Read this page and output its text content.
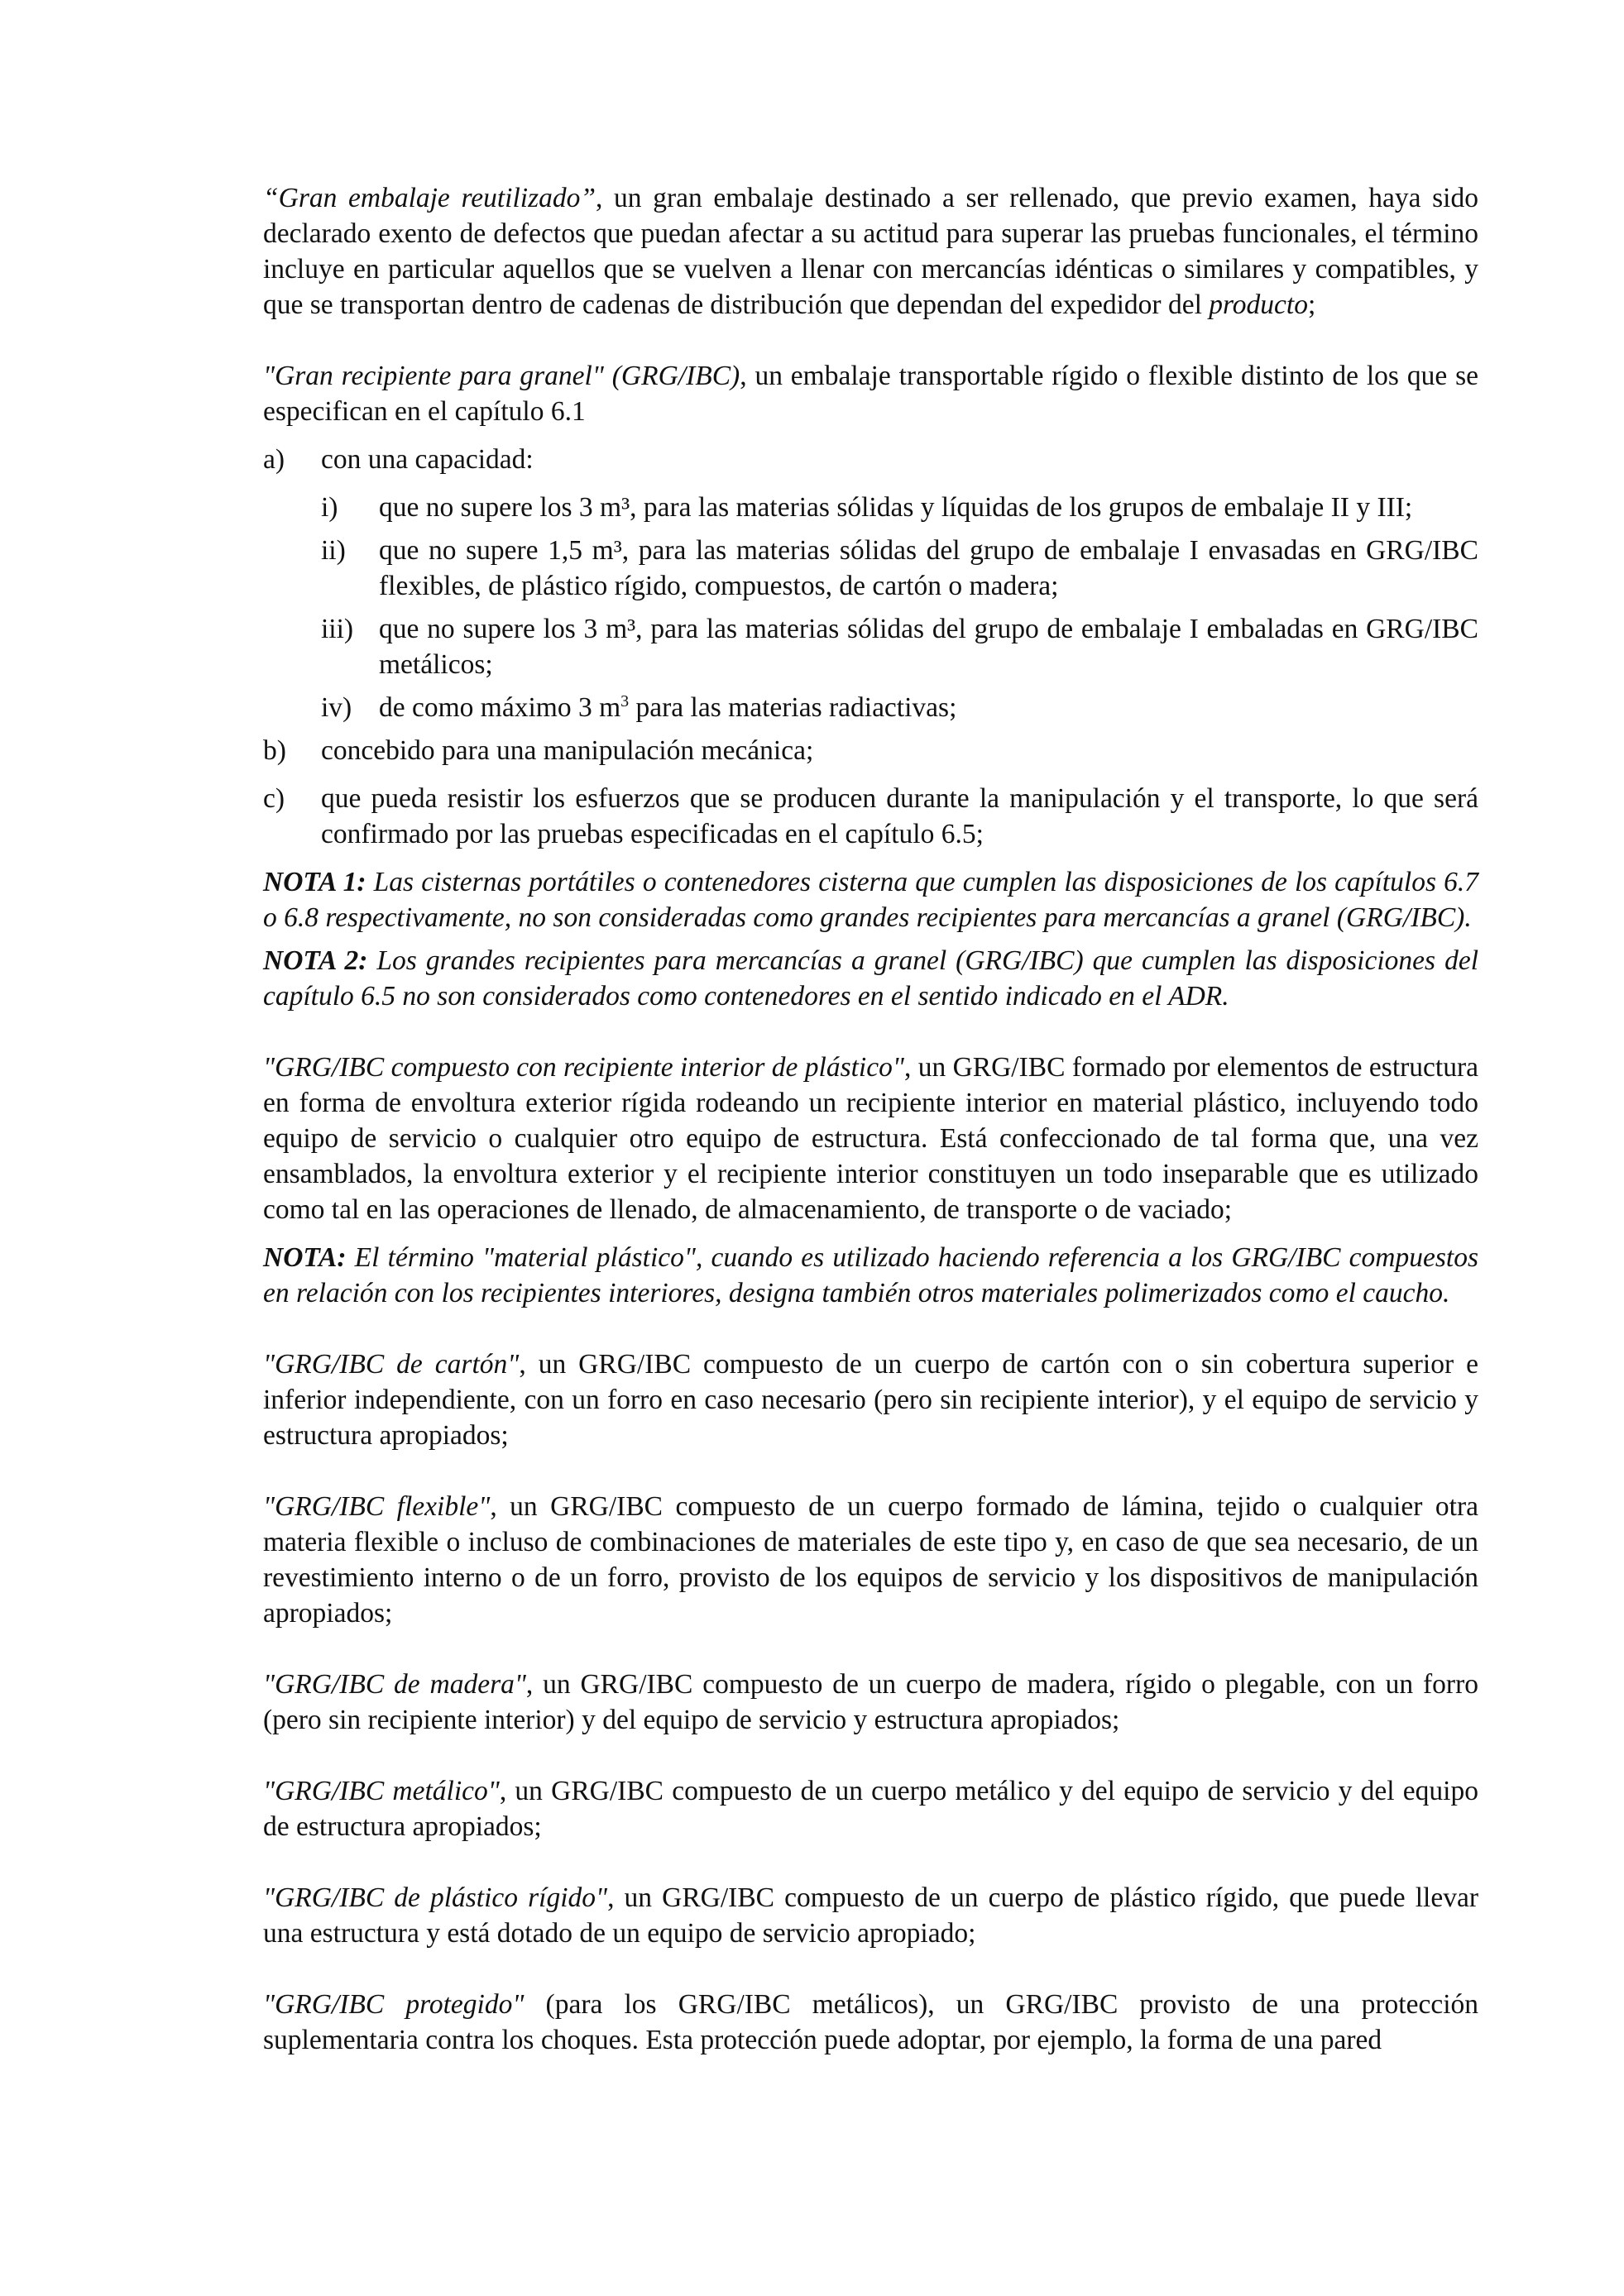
“Gran embalaje reutilizado”, un gran embalaje destinado a ser rellenado, que previo examen, haya sido declarado exento de defectos que puedan afectar a su actitud para superar las pruebas funcionales, el término incluye en particular aquellos que se vuelven a llenar con mercancías idénticas o similares y compatibles, y que se transportan dentro de cadenas de distribución que dependan del expedidor del producto;

"Gran recipiente para granel" (GRG/IBC), un embalaje transportable rígido o flexible distinto de los que se especifican en el capítulo 6.1

a)	con una capacidad:
i)	que no supere los 3 m³, para las materias sólidas y líquidas de los grupos de embalaje II y III;
ii)	que no supere 1,5 m³, para las materias sólidas del grupo de embalaje I envasadas en GRG/IBC flexibles, de plástico rígido, compuestos, de cartón o madera;
iii) que no supere los 3 m³, para las materias sólidas del grupo de embalaje I embaladas en GRG/IBC metálicos;
iv) de como máximo 3 $m^3$ para las materias radiactivas;
b)	concebido para una manipulación mecánica;
c)	que pueda resistir los esfuerzos que se producen durante la manipulación y el transporte, lo que será confirmado por las pruebas especificadas en el capítulo 6.5;

NOTA 1: Las cisternas portátiles o contenedores cisterna que cumplen las disposiciones de los capítulos 6.7 o 6.8 respectivamente, no son consideradas como grandes recipientes para mercancías a granel (GRG/IBC).

NOTA 2: Los grandes recipientes para mercancías a granel (GRG/IBC) que cumplen las disposiciones del capítulo 6.5 no son considerados como contenedores en el sentido indicado en el ADR.

"GRG/IBC compuesto con recipiente interior de plástico", un GRG/IBC formado por elementos de estructura en forma de envoltura exterior rígida rodeando un recipiente interior en material plástico, incluyendo todo equipo de servicio o cualquier otro equipo de estructura. Está confeccionado de tal forma que, una vez ensamblados, la envoltura exterior y el recipiente interior constituyen un todo inseparable que es utilizado como tal en las operaciones de llenado, de almacenamiento, de transporte o de vaciado;

NOTA: El término "material plástico", cuando es utilizado haciendo referencia a los GRG/IBC compuestos en relación con los recipientes interiores, designa también otros materiales polimerizados como el caucho.

"GRG/IBC de cartón", un GRG/IBC compuesto de un cuerpo de cartón con o sin cobertura superior e inferior independiente, con un forro en caso necesario (pero sin recipiente interior), y el equipo de servicio y estructura apropiados;

"GRG/IBC flexible", un GRG/IBC compuesto de un cuerpo formado de lámina, tejido o cualquier otra materia flexible o incluso de combinaciones de materiales de este tipo y, en caso de que sea necesario, de un revestimiento interno o de un forro, provisto de los equipos de servicio y los dispositivos de manipulación apropiados;

"GRG/IBC de madera", un GRG/IBC compuesto de un cuerpo de madera, rígido o plegable, con un forro (pero sin recipiente interior) y del equipo de servicio y estructura apropiados;

"GRG/IBC metálico", un GRG/IBC compuesto de un cuerpo metálico y del equipo de servicio y del equipo de estructura apropiados;

"GRG/IBC de plástico rígido", un GRG/IBC compuesto de un cuerpo de plástico rígido, que puede llevar una estructura y está dotado de un equipo de servicio apropiado;

"GRG/IBC protegido" (para los GRG/IBC metálicos), un GRG/IBC provisto de una protección suplementaria contra los choques. Esta protección puede adoptar, por ejemplo, la forma de una pared
